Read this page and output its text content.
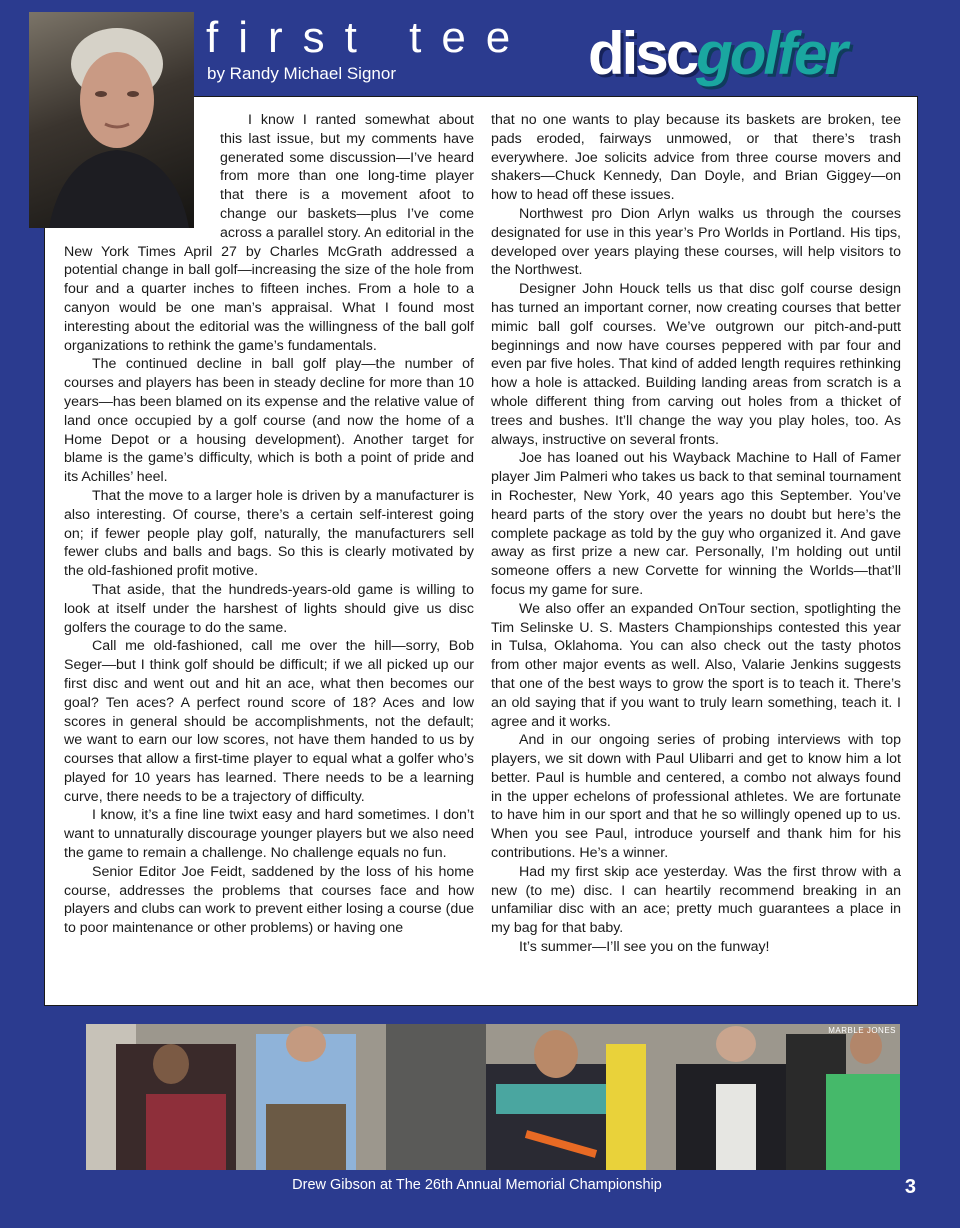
first tee
by Randy Michael Signor	discgolfer

I know I ranted somewhat about this last issue, but my comments have generated some discussion—I’ve heard from more than one long-time player that there is a movement afoot to change our baskets—plus I’ve come across a parallel story. An editorial in the New York Times April 27 by Charles McGrath addressed a potential change in ball golf—increasing the size of the hole from four and a quarter inches to fifteen inches. From a hole to a canyon would be one man’s appraisal. What I found most interesting about the editorial was the willingness of the ball golf organizations to rethink the game’s fundamentals.

The continued decline in ball golf play—the number of courses and players has been in steady decline for more than 10 years—has been blamed on its expense and the relative value of land once occupied by a golf course (and now the home of a Home Depot or a housing development). Another target for blame is the game’s difficulty, which is both a point of pride and its Achilles’ heel.

That the move to a larger hole is driven by a manufacturer is also interesting. Of course, there’s a certain self-interest going on; if fewer people play golf, naturally, the manufacturers sell fewer clubs and balls and bags. So this is clearly motivated by the old-fashioned profit motive.

That aside, that the hundreds-years-old game is willing to look at itself under the harshest of lights should give us disc golfers the courage to do the same.

Call me old-fashioned, call me over the hill—sorry, Bob Seger—but I think golf should be difficult; if we all picked up our first disc and went out and hit an ace, what then becomes our goal? Ten aces? A perfect round score of 18? Aces and low scores in general should be accomplishments, not the default; we want to earn our low scores, not have them handed to us by courses that allow a first-time player to equal what a golfer who’s played for 10 years has learned. There needs to be a learning curve, there needs to be a trajectory of difficulty.

I know, it’s a fine line twixt easy and hard sometimes. I don’t want to unnaturally discourage younger players but we also need the game to remain a challenge. No challenge equals no fun.

Senior Editor Joe Feidt, saddened by the loss of his home course, addresses the problems that courses face and how players and clubs can work to prevent either losing a course (due to poor maintenance or other problems) or having one

that no one wants to play because its baskets are broken, tee pads eroded, fairways unmowed, or that there’s trash everywhere. Joe solicits advice from three course movers and shakers—Chuck Kennedy, Dan Doyle, and Brian Giggey—on how to head off these issues.

Northwest pro Dion Arlyn walks us through the courses designated for use in this year’s Pro Worlds in Portland. His tips, developed over years playing these courses, will help visitors to the Northwest.

Designer John Houck tells us that disc golf course design has turned an important corner, now creating courses that better mimic ball golf courses. We’ve outgrown our pitch-and-putt beginnings and now have courses peppered with par four and even par five holes. That kind of added length requires rethinking how a hole is attacked. Building landing areas from scratch is a whole different thing from carving out holes from a thicket of trees and bushes. It’ll change the way you play holes, too. As always, instructive on several fronts.

Joe has loaned out his Wayback Machine to Hall of Famer player Jim Palmeri who takes us back to that seminal tournament in Rochester, New York, 40 years ago this September. You’ve heard parts of the story over the years no doubt but here’s the complete package as told by the guy who organized it. And gave away as first prize a new car. Personally, I’m holding out until someone offers a new Corvette for winning the Worlds—that’ll focus my game for sure.

We also offer an expanded OnTour section, spotlighting the Tim Selinske U. S. Masters Championships contested this year in Tulsa, Oklahoma. You can also check out the tasty photos from other major events as well. Also, Valarie Jenkins suggests that one of the best ways to grow the sport is to teach it. There’s an old saying that if you want to truly learn something, teach it. I agree and it works.

And in our ongoing series of probing interviews with top players, we sit down with Paul Ulibarri and get to know him a lot better. Paul is humble and centered, a combo not always found in the upper echelons of professional athletes. We are fortunate to have him in our sport and that he so willingly opened up to us. When you see Paul, introduce yourself and thank him for his contributions. He’s a winner.

Had my first skip ace yesterday. Was the first throw with a new (to me) disc. I can heartily recommend breaking in an unfamiliar disc with an ace; pretty much guarantees a place in my bag for that baby.

It’s summer—I’ll see you on the funway!

MARBLE JONES
Drew Gibson at The 26th Annual Memorial Championship	3
